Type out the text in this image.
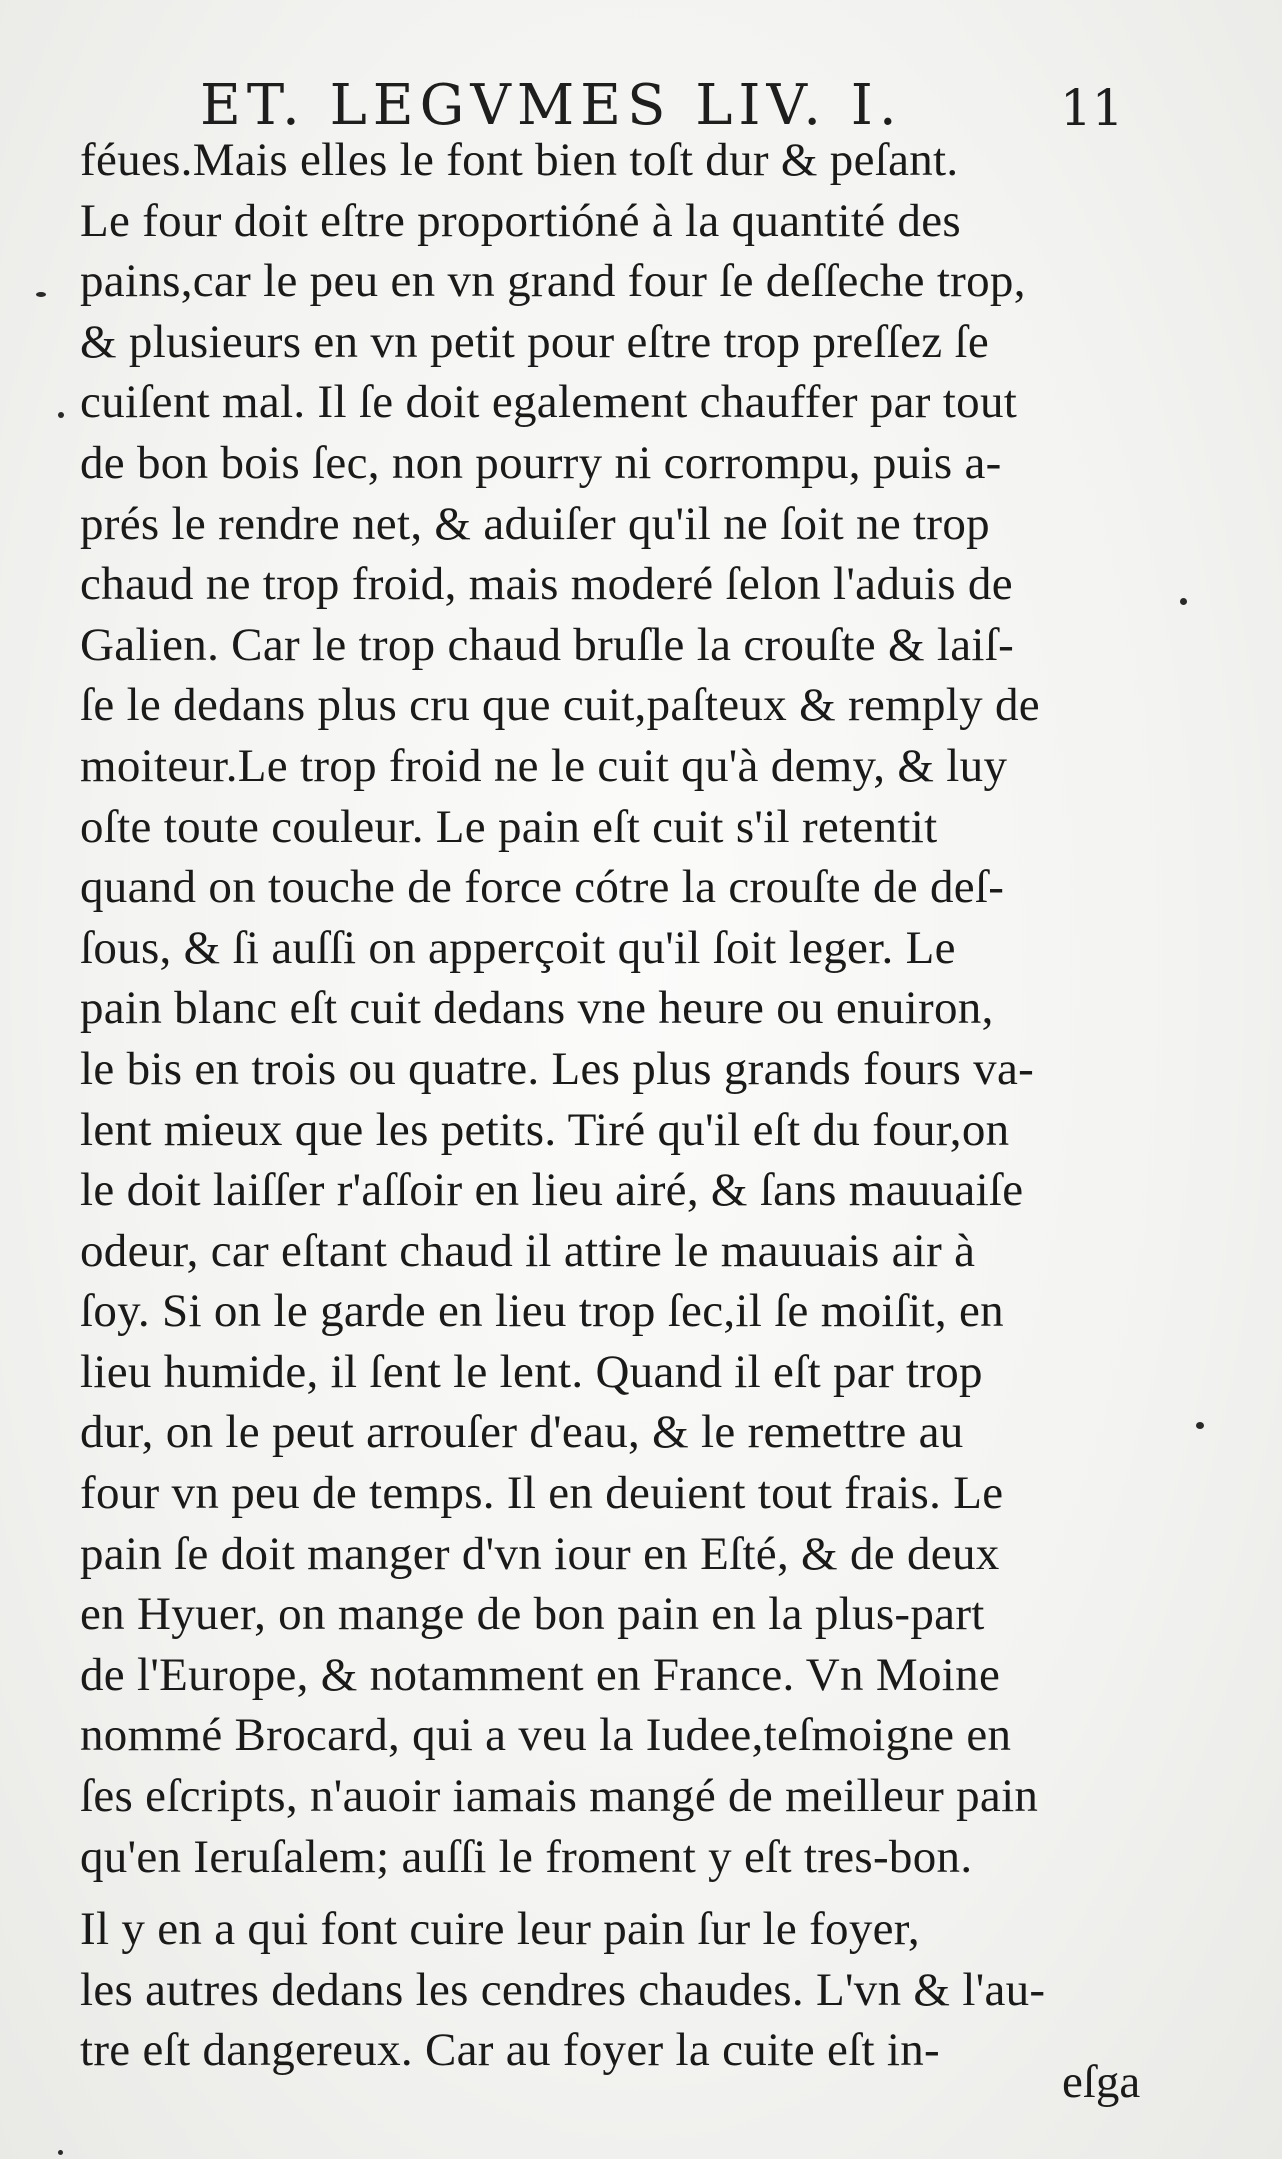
ET. LEGVMES LIV. I.	11
féues.Mais elles le font bien toſt dur & peſant.
Le four doit eſtre proportióné à la quantité des
pains,car le peu en vn grand four ſe deſſeche trop,
& plusieurs en vn petit pour eſtre trop preſſez ſe
cuiſent mal. Il ſe doit egalement chauffer par tout
de bon bois ſec, non pourry ni corrompu, puis a-
prés le rendre net, & aduiſer qu'il ne ſoit ne trop
chaud ne trop froid, mais moderé ſelon l'aduis de
Galien. Car le trop chaud bruſle la crouſte & laiſ-
ſe le dedans plus cru que cuit,paſteux & remply de
moiteur.Le trop froid ne le cuit qu'à demy, & luy
oſte toute couleur. Le pain eſt cuit s'il retentit
quand on touche de force cótre la crouſte de deſ-
ſous, & ſi auſſi on apperçoit qu'il ſoit leger. Le
pain blanc eſt cuit dedans vne heure ou enuiron,
le bis en trois ou quatre. Les plus grands fours va-
lent mieux que les petits. Tiré qu'il eſt du four,on
le doit laiſſer r'aſſoir en lieu airé, & ſans mauuaiſe
odeur, car eſtant chaud il attire le mauuais air à
ſoy. Si on le garde en lieu trop ſec,il ſe moiſit, en
lieu humide, il ſent le lent. Quand il eſt par trop
dur, on le peut arrouſer d'eau, & le remettre au
four vn peu de temps. Il en deuient tout frais. Le
pain ſe doit manger d'vn iour en Eſté, & de deux
en Hyuer, on mange de bon pain en la plus-part
de l'Europe, & notamment en France. Vn Moine
nommé Brocard, qui a veu la Iudee,teſmoigne en
ſes eſcripts, n'auoir iamais mangé de meilleur pain
qu'en Ieruſalem; auſſi le froment y eſt tres-bon.
Il y en a qui font cuire leur pain ſur le foyer,
les autres dedans les cendres chaudes. L'vn & l'au-
tre eſt dangereux. Car au foyer la cuite eſt in-
eſga
